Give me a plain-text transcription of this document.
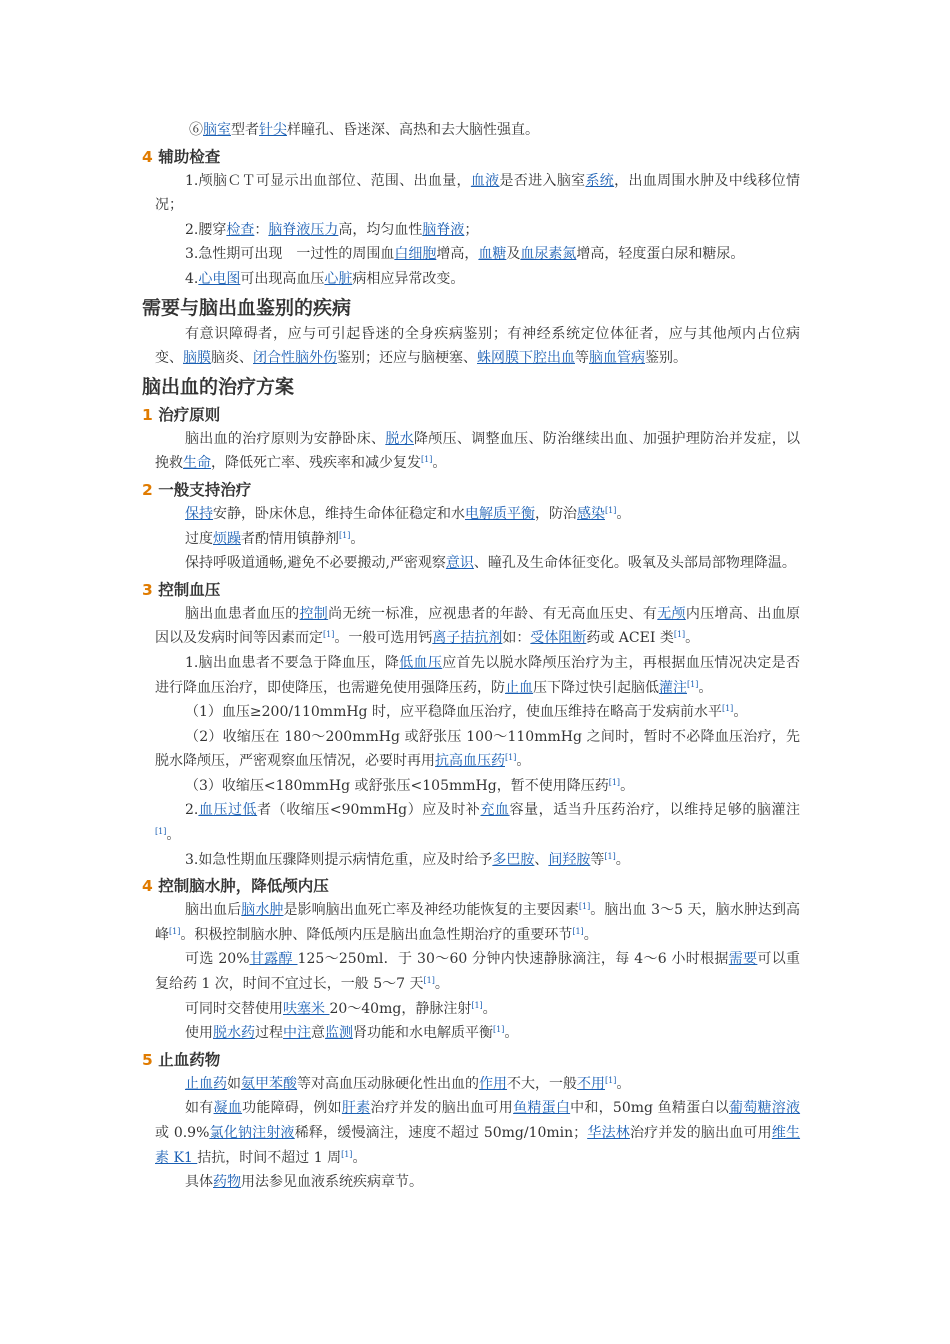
⑥脑室型者针尖样瞳孔、昏迷深、高热和去大脑性强直。

4 辅助检查

1.颅脑ＣＴ可显示出血部位、范围、出血量，血液是否进入脑室系统，出血周围水肿及中线移位情况；

2.腰穿检查：脑脊液压力高，均匀血性脑脊液；

3.急性期可出现　一过性的周围血白细胞增高，血糖及血尿素氮增高，轻度蛋白尿和糖尿。

4.心电图可出现高血压心脏病相应异常改变。

需要与脑出血鉴别的疾病

有意识障碍者，应与可引起昏迷的全身疾病鉴别；有神经系统定位体征者，应与其他颅内占位病变、脑膜脑炎、闭合性脑外伤鉴别；还应与脑梗塞、蛛网膜下腔出血等脑血管病鉴别。

脑出血的治疗方案
1 治疗原则

脑出血的治疗原则为安静卧床、脱水降颅压、调整血压、防治继续出血、加强护理防治并发症，以挽救生命，降低死亡率、残疾率和减少复发[1]。

2 一般支持治疗

保持安静，卧床休息，维持生命体征稳定和水电解质平衡，防治感染[1]。

过度烦躁者酌情用镇静剂[1]。

保持呼吸道通畅,避免不必要搬动,严密观察意识、瞳孔及生命体征变化。吸氧及头部局部物理降温。

3 控制血压

脑出血患者血压的控制尚无统一标准，应视患者的年龄、有无高血压史、有无颅内压增高、出血原因以及发病时间等因素而定[1]。一般可选用钙离子拮抗剂如：受体阻断药或 ACEI 类[1]。

1.脑出血患者不要急于降血压，降低血压应首先以脱水降颅压治疗为主，再根据血压情况决定是否进行降血压治疗，即使降压，也需避免使用强降压药，防止血压下降过快引起脑低灌注[1]。

（1）血压≥200/110mmHg 时，应平稳降血压治疗，使血压维持在略高于发病前水平[1]。

（2）收缩压在 180～200mmHg 或舒张压 100～110mmHg 之间时，暂时不必降血压治疗，先脱水降颅压，严密观察血压情况，必要时再用抗高血压药[1]。

（3）收缩压<180mmHg 或舒张压<105mmHg，暂不使用降压药[1]。

2.血压过低者（收缩压<90mmHg）应及时补充血容量，适当升压药治疗，以维持足够的脑灌注[1]。

3.如急性期血压骤降则提示病情危重，应及时给予多巴胺、间羟胺等[1]。

4 控制脑水肿，降低颅内压

脑出血后脑水肿是影响脑出血死亡率及神经功能恢复的主要因素[1]。脑出血 3～5 天，脑水肿达到高峰[1]。积极控制脑水肿、降低颅内压是脑出血急性期治疗的重要环节[1]。

可选 20%甘露醇 125～250ml．于 30～60 分钟内快速静脉滴注，每 4～6 小时根据需要可以重复给药 1 次，时间不宜过长，一般 5～7 天[1]。

可同时交替使用呋塞米 20～40mg，静脉注射[1]。

使用脱水药过程中注意监测肾功能和水电解质平衡[1]。

5 止血药物

止血药如氨甲苯酸等对高血压动脉硬化性出血的作用不大，一般不用[1]。

如有凝血功能障碍，例如肝素治疗并发的脑出血可用鱼精蛋白中和，50mg 鱼精蛋白以葡萄糖溶液或 0.9%氯化钠注射液稀释，缓慢滴注，速度不超过 50mg/10min；华法林治疗并发的脑出血可用维生素 K1 拮抗，时间不超过 1 周[1]。

具体药物用法参见血液系统疾病章节。
